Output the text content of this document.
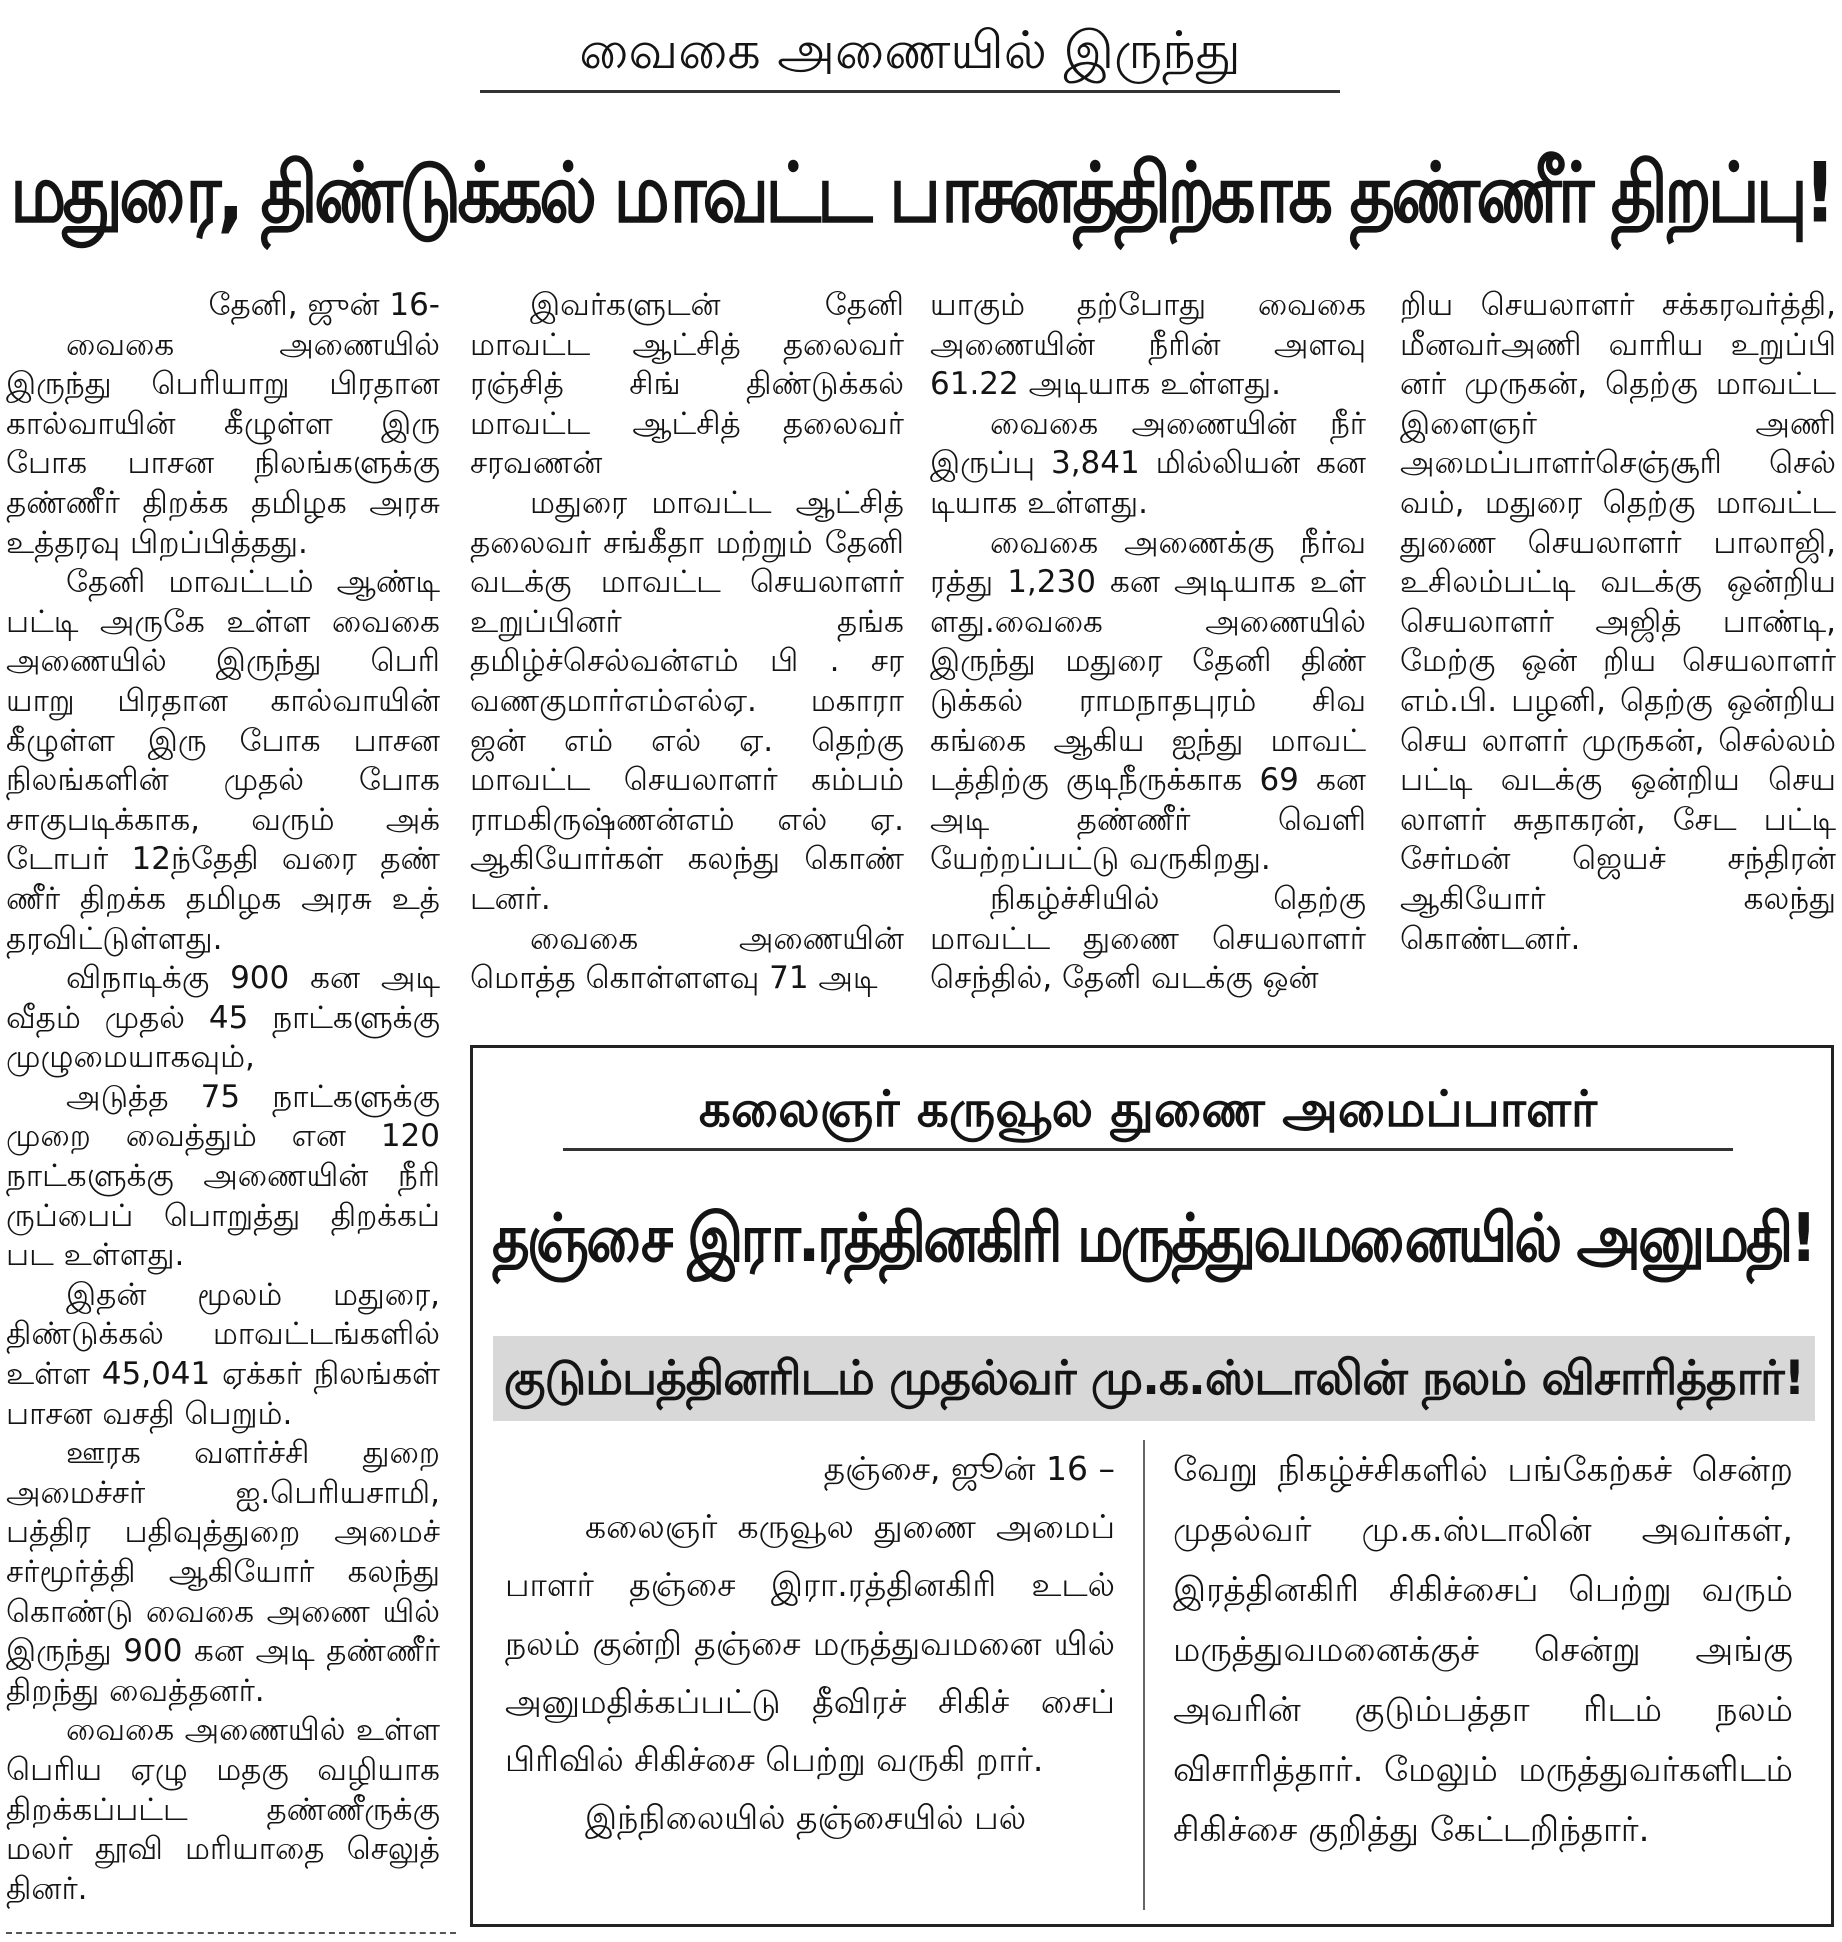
வைகை அணையில் இருந்து
மதுரை, திண்டுக்கல் மாவட்ட பாசனத்திற்காக தண்ணீர் திறப்பு!

தேனி, ஜுன் 16-

வைகை அணையில் இருந்து பெரியாறு பிரதான கால்வாயின் கீழுள்ள இரு போக பாசன நிலங்களுக்கு தண்ணீர் திறக்க தமிழக அரசு உத்தரவு பிறப்பித்தது.

தேனி மாவட்டம் ஆண்டி பட்டி அருகே உள்ள வைகை அணையில் இருந்து பெரி யாறு பிரதான கால்வாயின் கீழுள்ள இரு போக பாசன நிலங்களின் முதல் போக சாகுபடிக்காக, வரும் அக் டோபர் 12ந்தேதி வரை தண் ணீர் திறக்க தமிழக அரசு உத் தரவிட்டுள்ளது.

விநாடிக்கு 900 கன அடி வீதம் முதல் 45 நாட்களுக்கு முழுமையாகவும்,

அடுத்த 75 நாட்களுக்கு முறை வைத்தும் என 120 நாட்களுக்கு அணையின் நீரி ருப்பைப் பொறுத்து திறக்கப் பட உள்ளது.

இதன் மூலம் மதுரை, திண்டுக்கல் மாவட்டங்களில் உள்ள 45,041 ஏக்கர் நிலங்கள் பாசன வசதி பெறும்.

ஊரக வளர்ச்சி துறை அமைச்சர் ஐ.பெரியசாமி, பத்திர பதிவுத்துறை அமைச் சர்மூர்த்தி ஆகியோர் கலந்து கொண்டு வைகை அணை யில் இருந்து 900 கன அடி தண்ணீர் திறந்து வைத்தனர்.

வைகை அணையில் உள்ள பெரிய ஏழு மதகு வழியாக திறக்கப்பட்ட தண்ணீருக்கு மலர் தூவி மரியாதை செலுத் தினர்.

இவர்களுடன் தேனி மாவட்ட ஆட்சித் தலைவர் ரஞ்சித் சிங் திண்டுக்கல் மாவட்ட ஆட்சித் தலைவர் சரவணன்

மதுரை மாவட்ட ஆட்சித் தலைவர் சங்கீதா மற்றும் தேனி வடக்கு மாவட்ட செயலாளர் உறுப்பினர் தங்க தமிழ்ச்செல்வன்எம் பி . சர வணகுமார்எம்எல்ஏ. மகாரா ஜன் எம் எல் ஏ. தெற்கு மாவட்ட செயலாளர் கம்பம் ராமகிருஷ்ணன்எம் எல் ஏ. ஆகியோர்கள் கலந்து கொண் டனர்.

வைகை அணையின் மொத்த கொள்ளளவு 71 அடி

யாகும் தற்போது வைகை அணையின் நீரின் அளவு 61.22 அடியாக உள்ளது.

வைகை அணையின் நீர் இருப்பு 3,841 மில்லியன் கன டியாக உள்ளது.

வைகை அணைக்கு நீர்வ ரத்து 1,230 கன அடியாக உள் ளது.வைகை அணையில் இருந்து மதுரை தேனி திண் டுக்கல் ராமநாதபுரம் சிவ கங்கை ஆகிய ஐந்து மாவட் டத்திற்கு குடிநீருக்காக 69 கன அடி தண்ணீர் வெளி யேற்றப்பட்டு வருகிறது.

நிகழ்ச்சியில் தெற்கு மாவட்ட துணை செயலாளர் செந்தில், தேனி வடக்கு ஒன்

றிய செயலாளர் சக்கரவர்த்தி, மீனவர்அணி வாரிய உறுப்பி னர் முருகன், தெற்கு மாவட்ட இளைஞர் அணி அமைப்பாளர்செஞ்சூரி செல் வம், மதுரை தெற்கு மாவட்ட துணை செயலாளர் பாலாஜி, உசிலம்பட்டி வடக்கு ஒன்றிய செயலாளர் அஜித் பாண்டி, மேற்கு ஒன் றிய செயலாளர் எம்.பி. பழனி, தெற்கு ஒன்றிய செய லாளர் முருகன், செல்லம் பட்டி வடக்கு ஒன்றிய செய லாளர் சுதாகரன், சேட பட்டி சேர்மன் ஜெயச் சந்திரன் ஆகியோர் கலந்து கொண்டனர்.

கலைஞர் கருவூல துணை அமைப்பாளர்
தஞ்சை இரா.ரத்தினகிரி மருத்துவமனையில் அனுமதி!
குடும்பத்தினரிடம் முதல்வர் மு.க.ஸ்டாலின் நலம் விசாரித்தார்!

தஞ்சை, ஜூன் 16 –

கலைஞர் கருவூல துணை அமைப் பாளர் தஞ்சை இரா.ரத்தினகிரி உடல் நலம் குன்றி தஞ்சை மருத்துவமனை யில் அனுமதிக்கப்பட்டு தீவிரச் சிகிச் சைப் பிரிவில் சிகிச்சை பெற்று வருகி றார்.

இந்நிலையில் தஞ்சையில் பல்

வேறு நிகழ்ச்சிகளில் பங்கேற்கச் சென்ற முதல்வர் மு.க.ஸ்டாலின் அவர்கள், இரத்தினகிரி சிகிச்சைப் பெற்று வரும் மருத்துவமனைக்குச் சென்று அங்கு அவரின் குடும்பத்தா ரிடம் நலம் விசாரித்தார். மேலும் மருத்துவர்களிடம் சிகிச்சை குறித்து கேட்டறிந்தார்.
